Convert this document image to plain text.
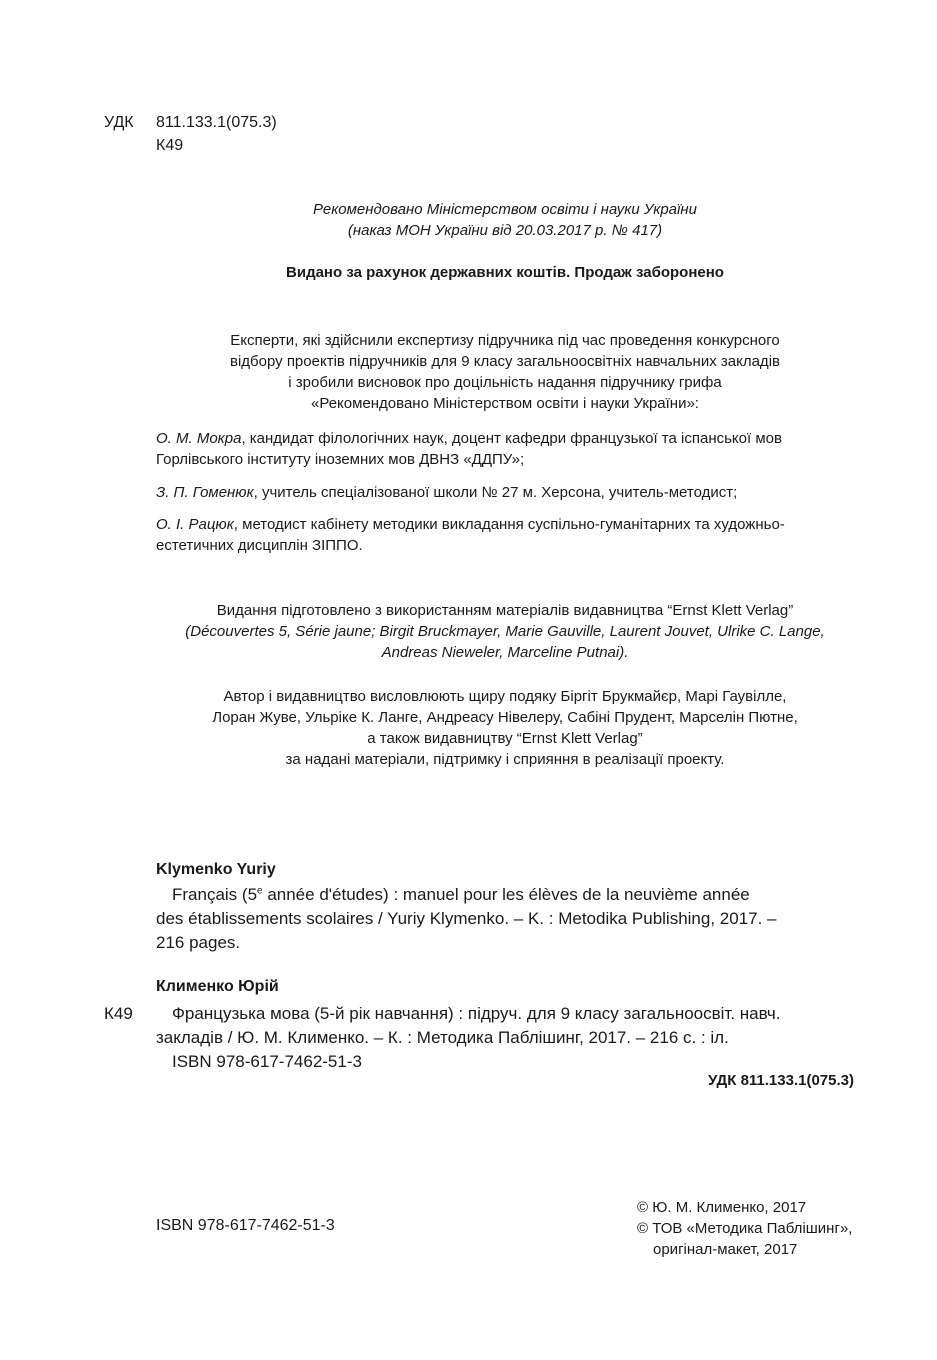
УДК 811.133.1(075.3)
К49
Рекомендовано Міністерством освіти і науки України
(наказ МОН України від 20.03.2017 р. № 417)
Видано за рахунок державних коштів. Продаж заборонено
Експерти, які здійснили експертизу підручника під час проведення конкурсного
відбору проектів підручників для 9 класу загальноосвітніх навчальних закладів
і зробили висновок про доцільність надання підручнику грифа
«Рекомендовано Міністерством освіти і науки України»:
О. М. Мокра, кандидат філологічних наук, доцент кафедри французької та іспанської мов
Горлівського інституту іноземних мов ДВНЗ «ДДПУ»;
З. П. Гоменюк, учитель спеціалізованої школи № 27 м. Херсона, учитель-методист;
О. І. Рацюк, методист кабінету методики викладання суспільно-гуманітарних та художньо-
естетичних дисциплін ЗІППО.
Видання підготовлено з використанням матеріалів видавництва “Ernst Klett Verlag”
(Découvertes 5, Série jaune; Birgit Bruckmayer, Marie Gauville, Laurent Jouvet, Ulrike C. Lange,
Andreas Nieweler, Marceline Putnai).
Автор і видавництво висловлюють щиру подяку Біргіт Брукмайєр, Марі Гаувілле,
Лоран Жуве, Ульріке К. Ланге, Андреасу Нівелеру, Сабіні Прудент, Марселін Пютне,
а також видавництву “Ernst Klett Verlag”
за надані матеріали, підтримку і сприяння в реалізації проекту.
Klymenko Yuriy
Français (5e année d'études) : manuel pour les élèves de la neuvième année
des établissements scolaires / Yuriy Klymenko. – K. : Metodika Publishing, 2017. –
216 pages.
Клименко Юрій
К49	Французька мова (5-й рік навчання) : підруч. для 9 класу загальноосвіт. навч.
закладів / Ю. М. Клименко. – К. : Методика Паблішинг, 2017. – 216 с. : іл.
ISBN 978-617-7462-51-3
УДК 811.133.1(075.3)
ISBN 978-617-7462-51-3
© Ю. М. Клименко, 2017
© ТОВ «Методика Паблішинг»,
оригінал-макет, 2017
